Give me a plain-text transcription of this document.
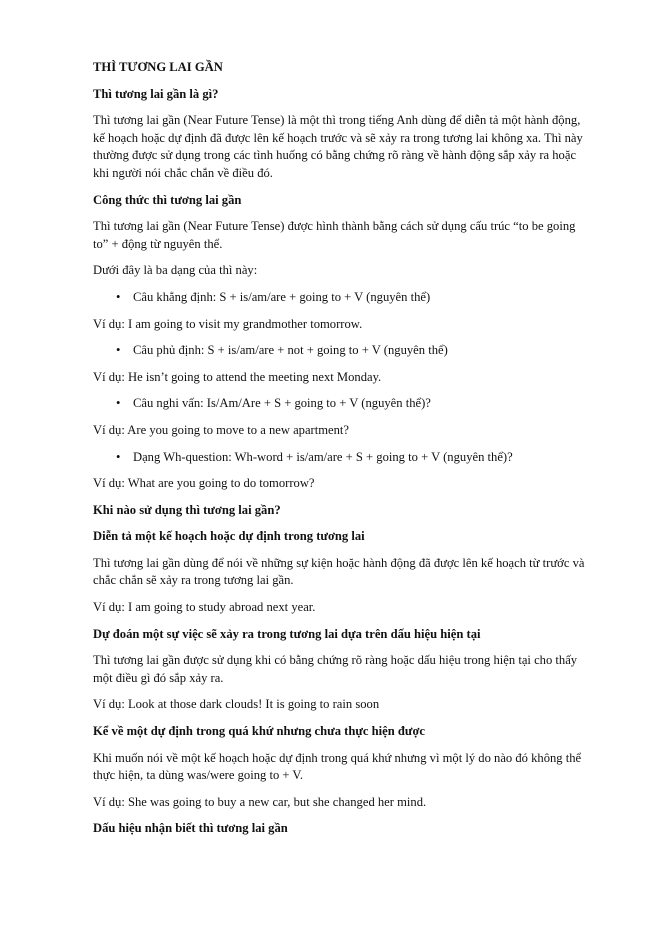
THÌ TƯƠNG LAI GẦN

Thì tương lai gần là gì?

Thì tương lai gần (Near Future Tense) là một thì trong tiếng Anh dùng để diễn tả một hành động, kế hoạch hoặc dự định đã được lên kế hoạch trước và sẽ xảy ra trong tương lai không xa. Thì này thường được sử dụng trong các tình huống có bằng chứng rõ ràng về hành động sắp xảy ra hoặc khi người nói chắc chắn về điều đó.

Công thức thì tương lai gần

Thì tương lai gần (Near Future Tense) được hình thành bằng cách sử dụng cấu trúc “to be going to” + động từ nguyên thể.

Dưới đây là ba dạng của thì này:

• Câu khẳng định: S + is/am/are + going to + V (nguyên thể)

Ví dụ: I am going to visit my grandmother tomorrow.

• Câu phủ định: S + is/am/are + not + going to + V (nguyên thể)

Ví dụ: He isn’t going to attend the meeting next Monday.

• Câu nghi vấn: Is/Am/Are + S + going to + V (nguyên thể)?

Ví dụ: Are you going to move to a new apartment?

• Dạng Wh-question: Wh-word + is/am/are + S + going to + V (nguyên thể)?

Ví dụ: What are you going to do tomorrow?

Khi nào sử dụng thì tương lai gần?

Diễn tả một kế hoạch hoặc dự định trong tương lai

Thì tương lai gần dùng để nói về những sự kiện hoặc hành động đã được lên kế hoạch từ trước và chắc chắn sẽ xảy ra trong tương lai gần.

Ví dụ: I am going to study abroad next year.

Dự đoán một sự việc sẽ xảy ra trong tương lai dựa trên dấu hiệu hiện tại

Thì tương lai gần được sử dụng khi có bằng chứng rõ ràng hoặc dấu hiệu trong hiện tại cho thấy một điều gì đó sắp xảy ra.

Ví dụ: Look at those dark clouds! It is going to rain soon

Kể về một dự định trong quá khứ nhưng chưa thực hiện được

Khi muốn nói về một kế hoạch hoặc dự định trong quá khứ nhưng vì một lý do nào đó không thể thực hiện, ta dùng was/were going to + V.

Ví dụ: She was going to buy a new car, but she changed her mind.

Dấu hiệu nhận biết thì tương lai gần
